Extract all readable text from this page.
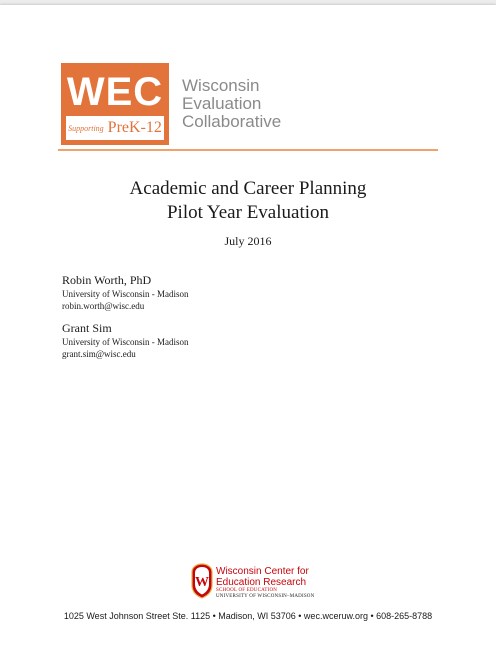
WEC
Supporting PreK-12
Wisconsin
Evaluation
Collaborative
Academic and Career Planning
Pilot Year Evaluation
July 2016
Robin Worth, PhD
University of Wisconsin - Madison
robin.worth@wisc.edu
Grant Sim
University of Wisconsin - Madison
grant.sim@wisc.edu
W
Wisconsin Center for
Education Research
SCHOOL OF EDUCATION
UNIVERSITY OF WISCONSIN–MADISON
1025 West Johnson Street Ste. 1125 • Madison, WI 53706 • wec.wceruw.org • 608-265-8788
